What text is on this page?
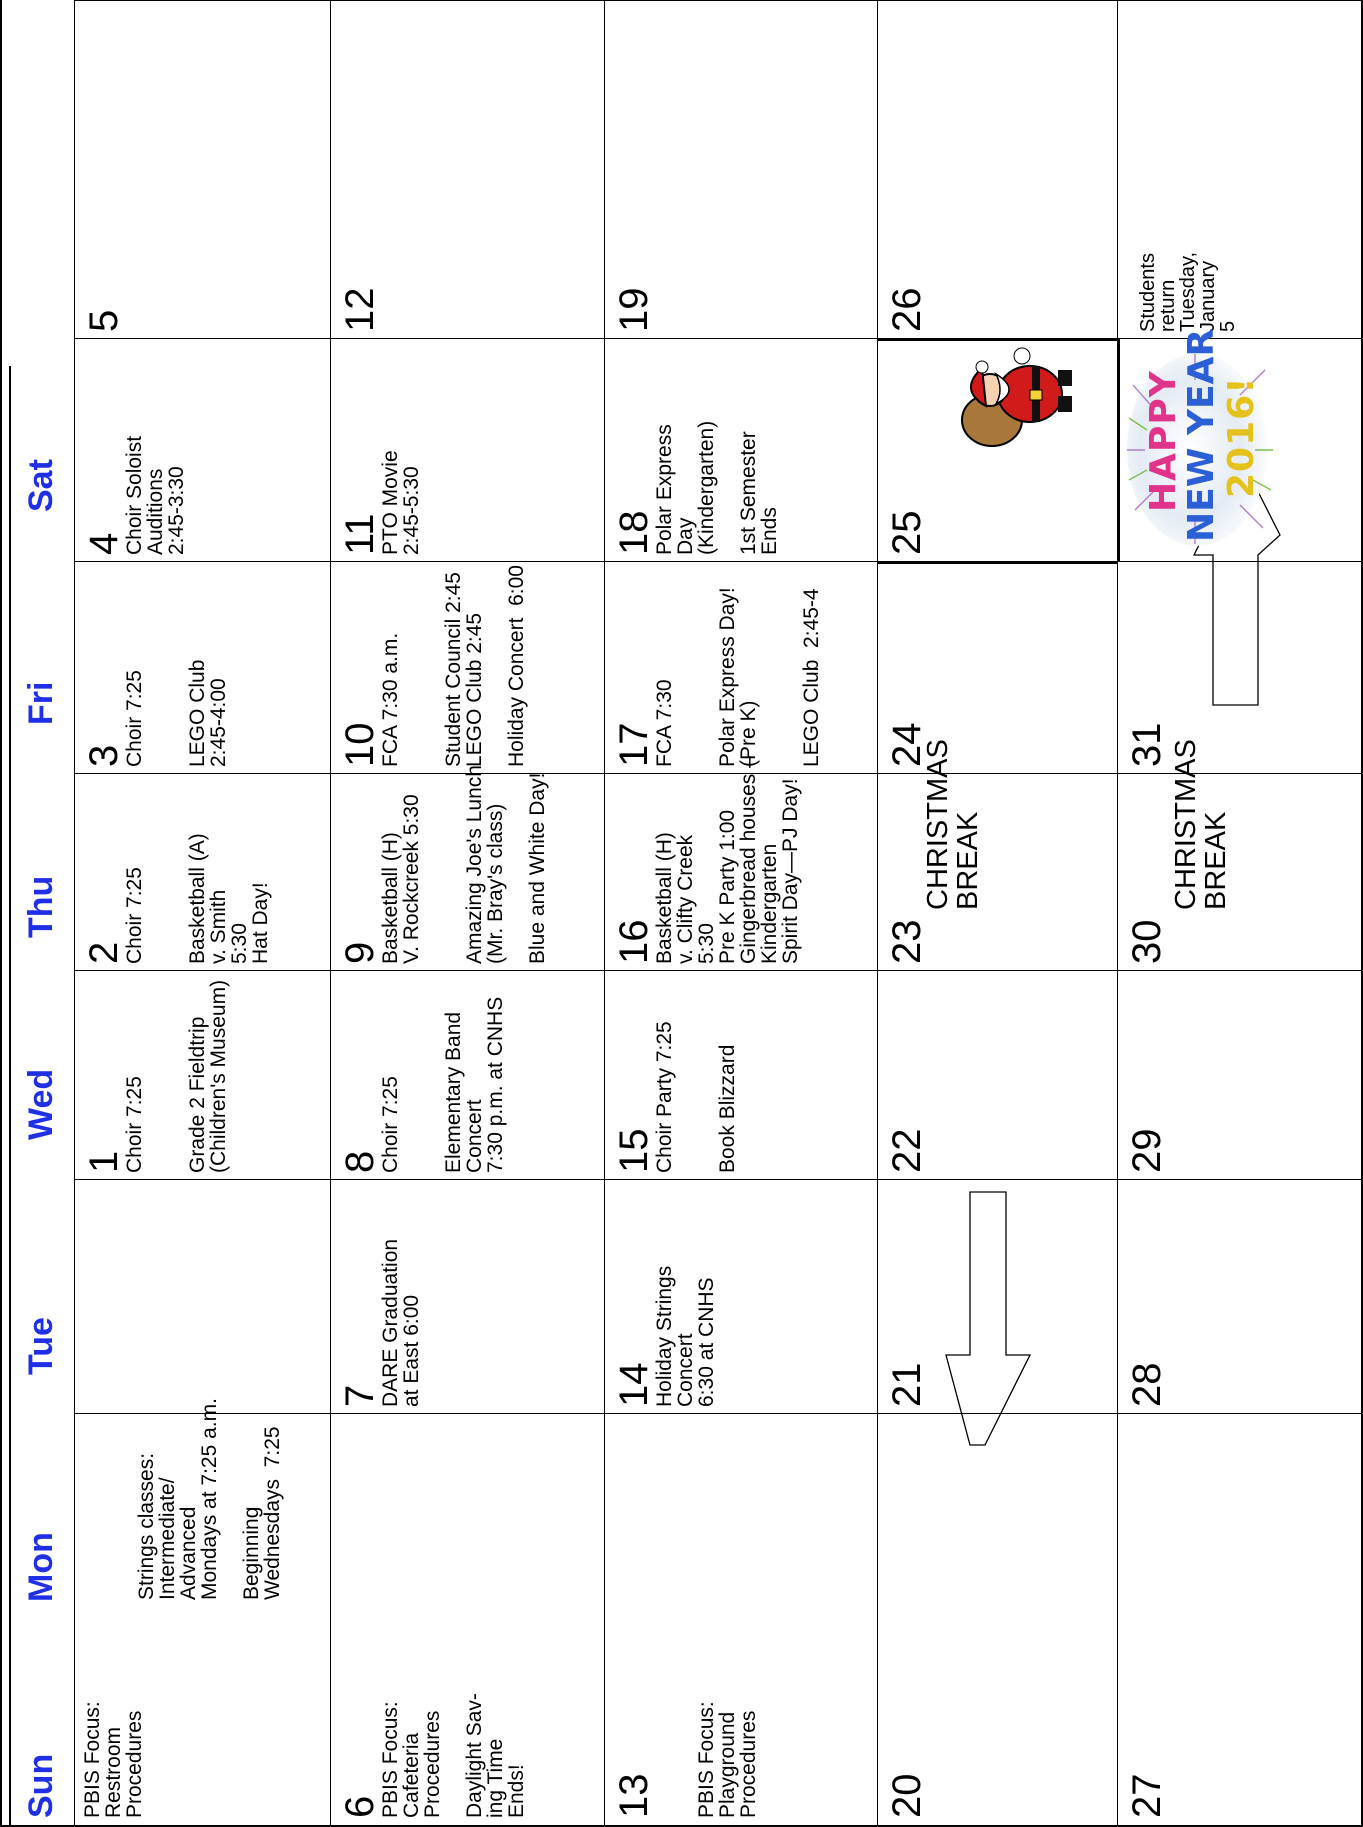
Sun
Mon
Tue
Wed
Thu
Fri
Sat
PBIS Focus:
Restroom
Procedures
Strings classes:
Intermediate/
Advanced
Mondays at 7:25 a.m.

Beginning
Wednesdays  7:25
1
Choir 7:25

Grade 2 Fieldtrip
(Children's Museum)
2
Choir 7:25

Basketball (A)
v. Smith
5:30
Hat Day!
3
Choir 7:25

LEGO Club
2:45-4:00
4
Choir Soloist
Auditions
2:45-3:30
5
6
PBIS Focus:
Cafeteria
Procedures

Daylight Sav-
ing Time
Ends!
7
DARE Graduation
at East 6:00
8
Choir 7:25

Elementary Band
Concert
7:30 p.m. at CNHS
9
Basketball (H)
V. Rockcreek 5:30

Amazing Joe's Lunch
(Mr. Bray's class)

Blue and White Day!
10
FCA 7:30 a.m.

Student Council 2:45
LEGO Club 2:45

Holiday Concert  6:00
11
PTO Movie
2:45-5:30
12
13	

PBIS Focus:
Playground
Procedures
14
Holiday Strings
Concert
6:30 at CNHS
15
Choir Party 7:25

Book Blizzard
16
Basketball (H)
v. Clifty Creek
5:30
Pre K Party 1:00
Gingerbread houses –
Kindergarten
Spirit Day—PJ Day!
17
FCA 7:30

Polar Express Day!
(Pre K)

LEGO Club  2:45-4
18
Polar Express
Day
(Kindergarten)

1st Semester
Ends
19
20
21
22
23
CHRISTMAS
BREAK
24
25
26
27
28
29
30
CHRISTMAS
BREAK
31
Students
return
Tuesday,
January
5
HAPPY
NEW YEAR 2016!
